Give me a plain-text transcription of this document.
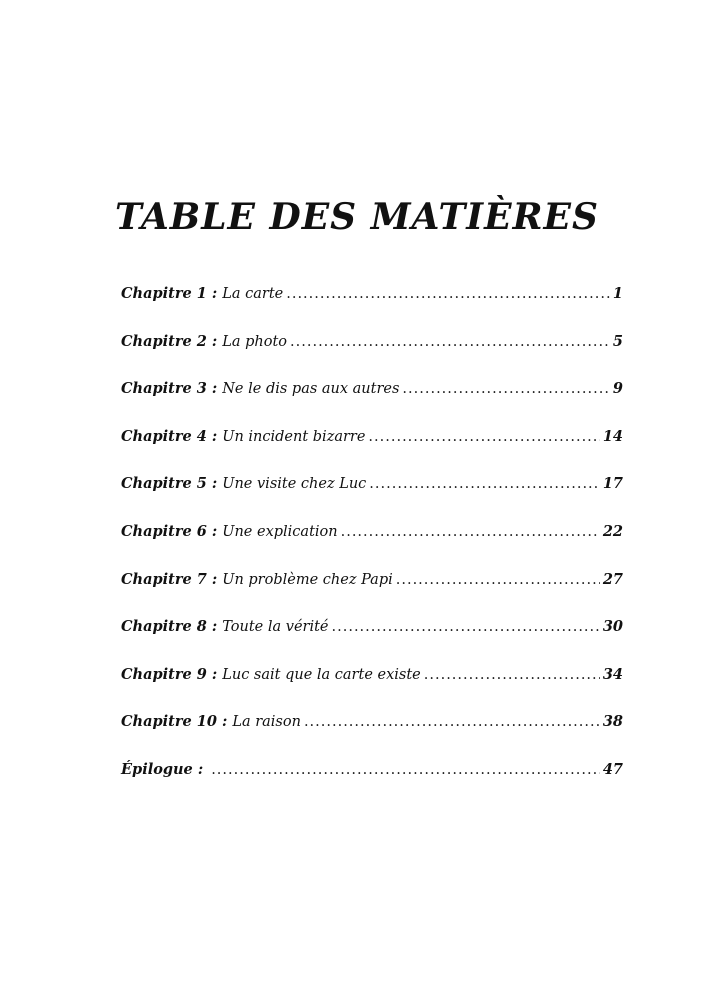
TABLE DES MATIÈRES
Chapitre 1 : La carte .....	1
Chapitre 2 : La photo .....	5
Chapitre 3 : Ne le dis pas aux autres .....	9
Chapitre 4 : Un incident bizarre .....	14
Chapitre 5 : Une visite chez Luc .....	17
Chapitre 6 : Une explication .....	22
Chapitre 7 : Un problème chez Papi .....	27
Chapitre 8 : Toute la vérité .....	30
Chapitre 9 : Luc sait que la carte existe .....	34
Chapitre 10 : La raison .....	38
Épilogue : .....	47
